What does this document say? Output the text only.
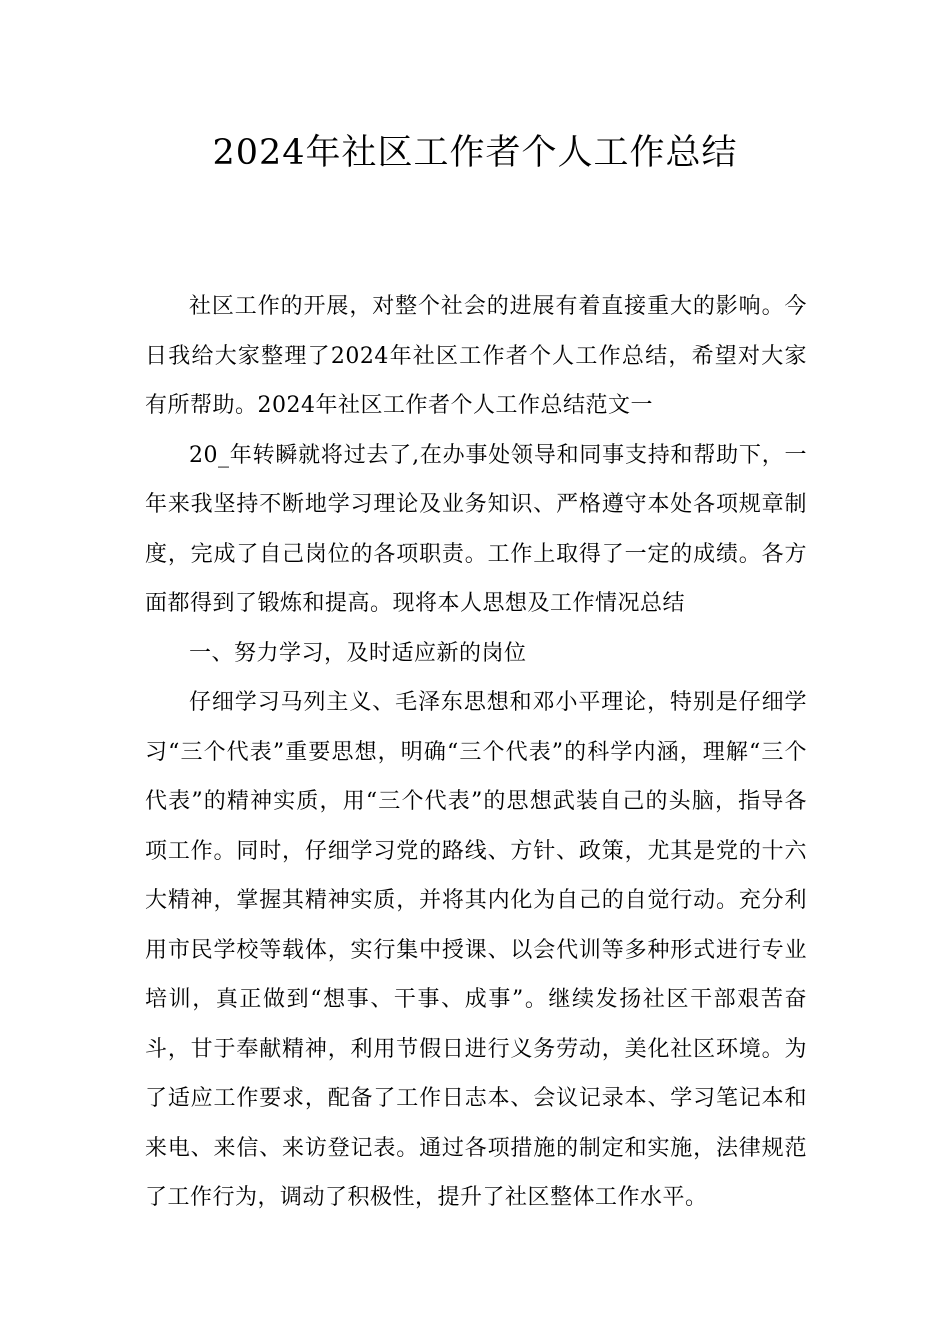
2024年社区工作者个人工作总结

社区工作的开展，对整个社会的进展有着直接重大的影响。今日我给大家整理了2024年社区工作者个人工作总结，希望对大家有所帮助。2024年社区工作者个人工作总结范文一

20_年转瞬就将过去了,在办事处领导和同事支持和帮助下，一年来我坚持不断地学习理论及业务知识、严格遵守本处各项规章制度，完成了自己岗位的各项职责。工作上取得了一定的成绩。各方面都得到了锻炼和提高。现将本人思想及工作情况总结

一、努力学习，及时适应新的岗位

仔细学习马列主义、毛泽东思想和邓小平理论，特别是仔细学习“三个代表”重要思想，明确“三个代表”的科学内涵，理解“三个代表”的精神实质，用“三个代表”的思想武装自己的头脑，指导各项工作。同时，仔细学习党的路线、方针、政策，尤其是党的十六大精神，掌握其精神实质，并将其内化为自己的自觉行动。充分利用市民学校等载体，实行集中授课、以会代训等多种形式进行专业培训，真正做到“想事、干事、成事”。继续发扬社区干部艰苦奋斗，甘于奉献精神，利用节假日进行义务劳动，美化社区环境。为了适应工作要求，配备了工作日志本、会议记录本、学习笔记本和来电、来信、来访登记表。通过各项措施的制定和实施，法律规范了工作行为，调动了积极性，提升了社区整体工作水平。
